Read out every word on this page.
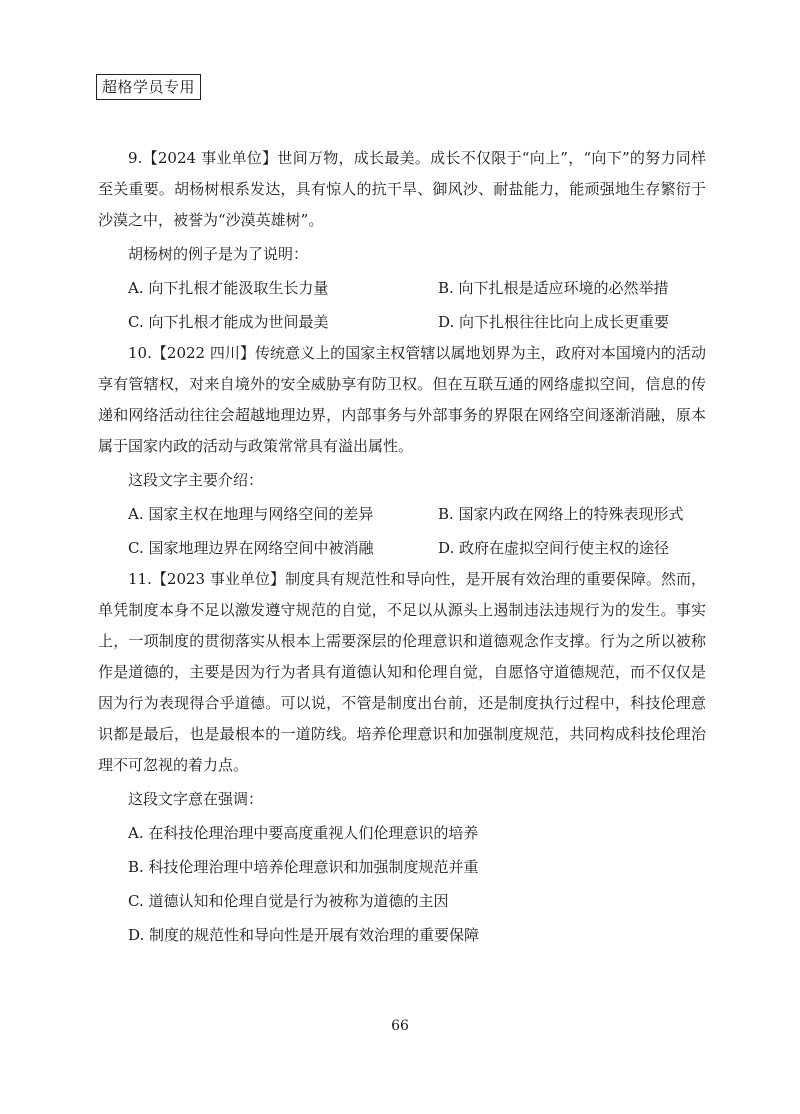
超格学员专用

9.【2024 事业单位】世间万物，成长最美。成长不仅限于“向上”，“向下”的努力同样至关重要。胡杨树根系发达，具有惊人的抗干旱、御风沙、耐盐能力，能顽强地生存繁衍于沙漠之中，被誉为“沙漠英雄树”。

胡杨树的例子是为了说明：

A. 向下扎根才能汲取生长力量	B. 向下扎根是适应环境的必然举措
C. 向下扎根才能成为世间最美	D. 向下扎根往往比向上成长更重要

10.【2022 四川】传统意义上的国家主权管辖以属地划界为主，政府对本国境内的活动享有管辖权，对来自境外的安全威胁享有防卫权。但在互联互通的网络虚拟空间，信息的传递和网络活动往往会超越地理边界，内部事务与外部事务的界限在网络空间逐渐消融，原本属于国家内政的活动与政策常常具有溢出属性。

这段文字主要介绍：

A. 国家主权在地理与网络空间的差异	B. 国家内政在网络上的特殊表现形式
C. 国家地理边界在网络空间中被消融	D. 政府在虚拟空间行使主权的途径

11.【2023 事业单位】制度具有规范性和导向性，是开展有效治理的重要保障。然而，单凭制度本身不足以激发遵守规范的自觉，不足以从源头上遏制违法违规行为的发生。事实上，一项制度的贯彻落实从根本上需要深层的伦理意识和道德观念作支撑。行为之所以被称作是道德的，主要是因为行为者具有道德认知和伦理自觉，自愿恪守道德规范，而不仅仅是因为行为表现得合乎道德。可以说，不管是制度出台前，还是制度执行过程中，科技伦理意识都是最后，也是最根本的一道防线。培养伦理意识和加强制度规范，共同构成科技伦理治理不可忽视的着力点。

这段文字意在强调：

A. 在科技伦理治理中要高度重视人们伦理意识的培养

B. 科技伦理治理中培养伦理意识和加强制度规范并重

C. 道德认知和伦理自觉是行为被称为道德的主因

D. 制度的规范性和导向性是开展有效治理的重要保障

66
